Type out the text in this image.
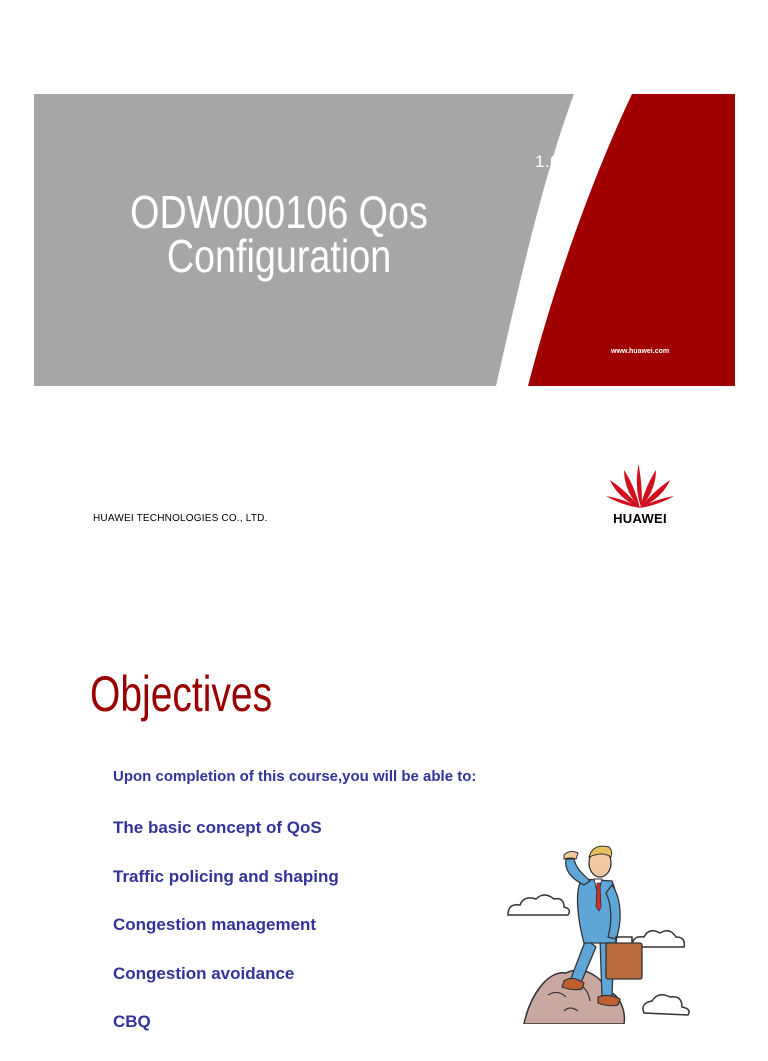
1.0
ODW000106 Qos
Configuration
www.huawei.com
HUAWEI TECHNOLOGIES CO., LTD.	HUAWEI
Objectives
Upon completion of this course,you will be able to:
The basic concept of QoS
Traffic policing and shaping
Congestion management
Congestion avoidance
CBQ
